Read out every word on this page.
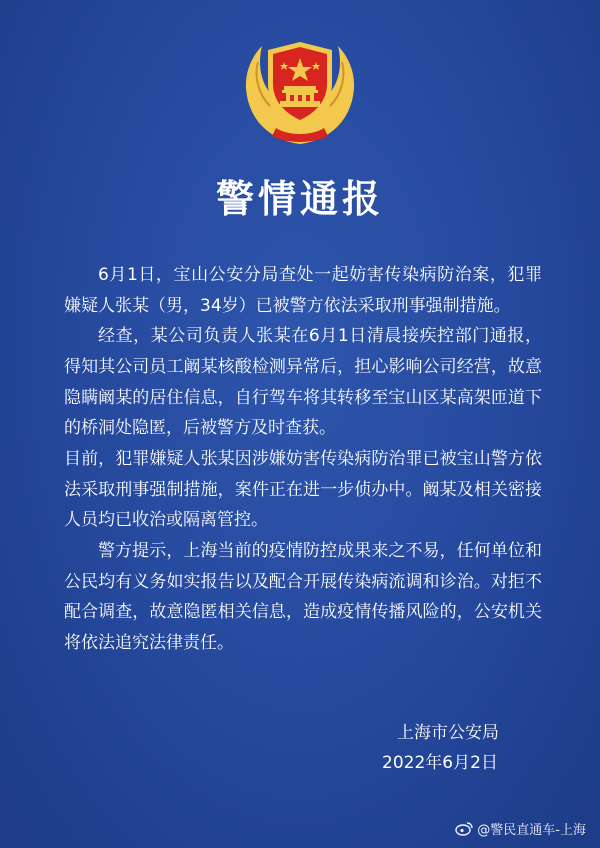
警情通报

6月1日，宝山公安分局查处一起妨害传染病防治案，犯罪嫌疑人张某（男，34岁）已被警方依法采取刑事强制措施。

经查，某公司负责人张某在6月1日清晨接疾控部门通报，得知其公司员工阚某核酸检测异常后，担心影响公司经营，故意隐瞒阚某的居住信息，自行驾车将其转移至宝山区某高架匝道下的桥洞处隐匿，后被警方及时查获。

目前，犯罪嫌疑人张某因涉嫌妨害传染病防治罪已被宝山警方依法采取刑事强制措施，案件正在进一步侦办中。阚某及相关密接人员均已收治或隔离管控。

警方提示，上海当前的疫情防控成果来之不易，任何单位和公民均有义务如实报告以及配合开展传染病流调和诊治。对拒不配合调查，故意隐匿相关信息，造成疫情传播风险的，公安机关将依法追究法律责任。

上海市公安局
2022年6月2日
@警民直通车-上海
